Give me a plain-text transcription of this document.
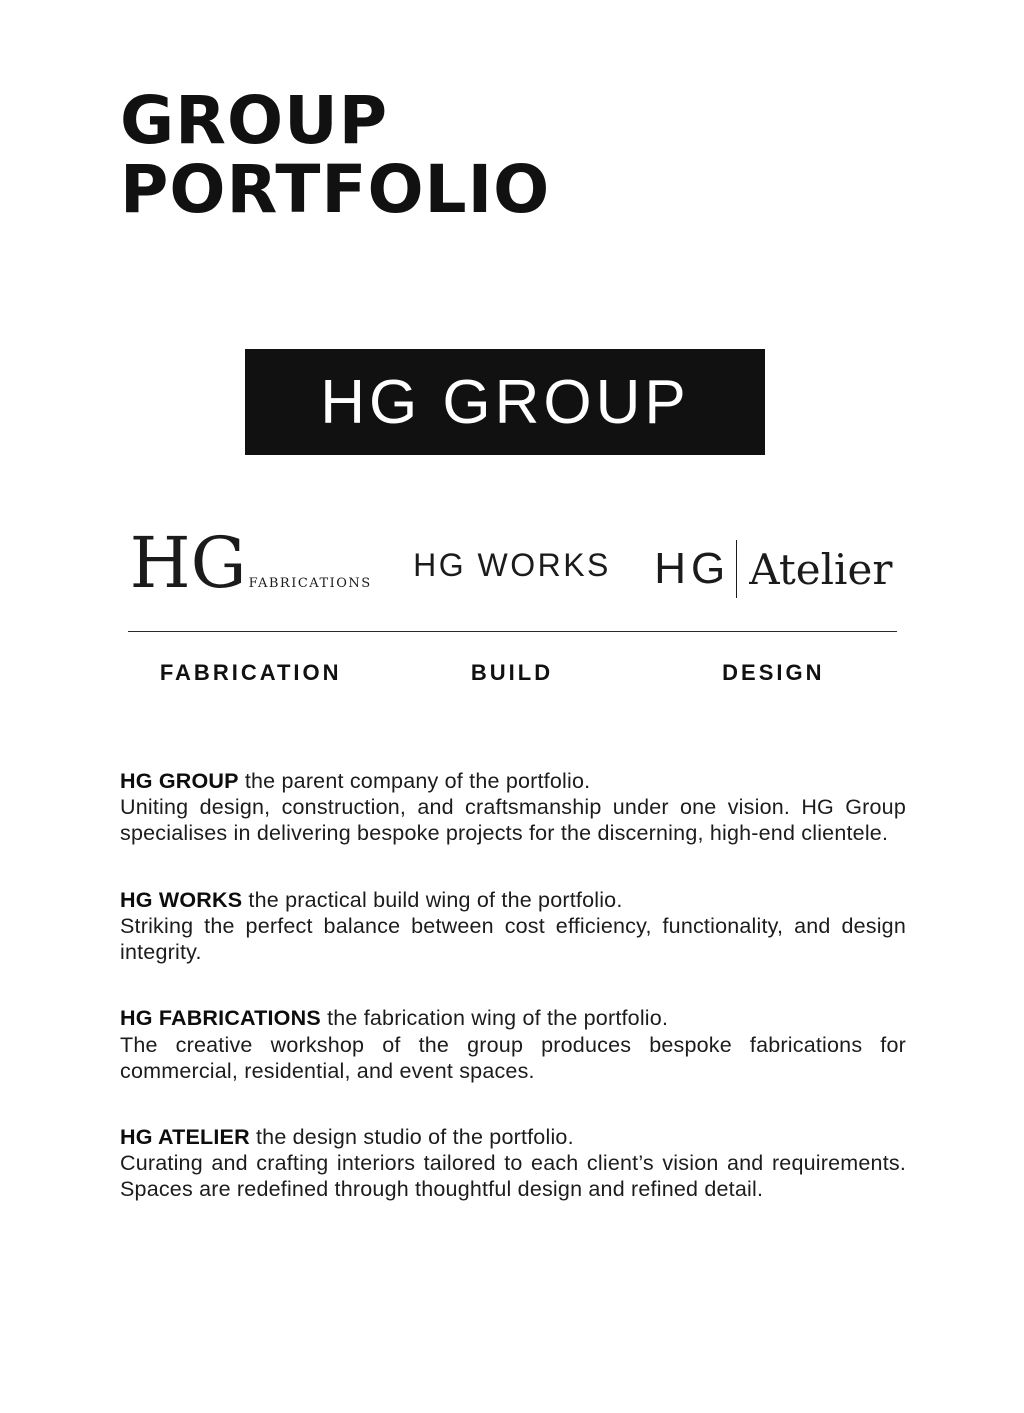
GROUP
PORTFOLIO
HG GROUP
HG FABRICATIONS
HG WORKS HG Atelier
FABRICATION	BUILD	DESIGN
HG GROUP the parent company of the portfolio.
Uniting design, construction, and craftsmanship under one vision. HG Group specialises in delivering bespoke projects for the discerning, high-end clientele.
HG WORKS the practical build wing of the portfolio.
Striking the perfect balance between cost efficiency, functionality, and design integrity.
HG FABRICATIONS the fabrication wing of the portfolio.
The creative workshop of the group produces bespoke fabrications for commercial, residential, and event spaces.
HG ATELIER the design studio of the portfolio.
Curating and crafting interiors tailored to each client’s vision and requirements. Spaces are redefined through thoughtful design and refined detail.
